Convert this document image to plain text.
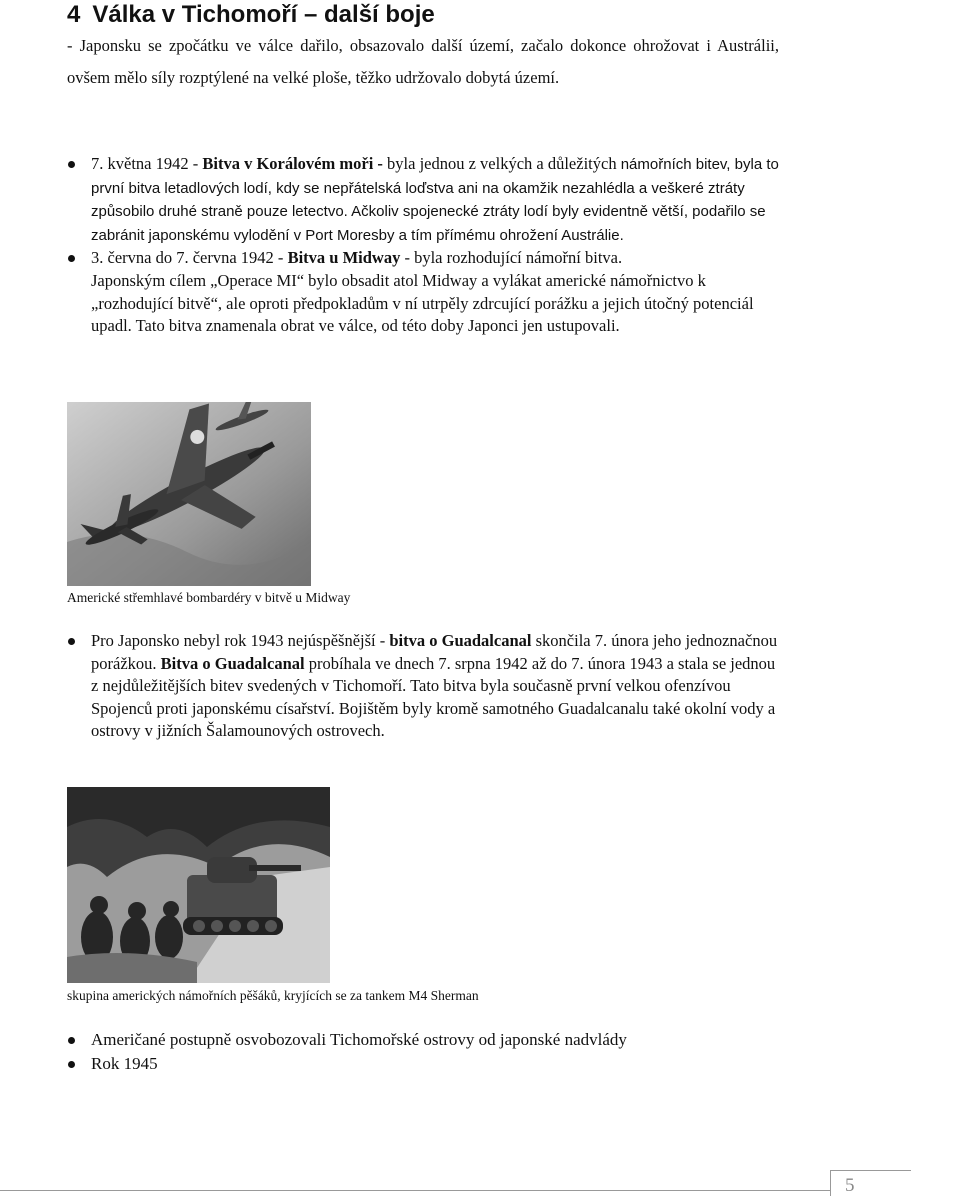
4 Válka v Tichomoří – další boje

- Japonsku se zpočátku ve válce dařilo, obsazovalo další území, začalo dokonce ohrožovat i Austrálii, ovšem mělo síly rozptýlené na velké ploše, těžko udržovalo dobytá území.

7. května 1942 - Bitva v Korálovém moři - byla jednou z velkých a důležitých námořních bitev, byla to první bitva letadlových lodí, kdy se nepřátelská loďstva ani na okamžik nezahlédla a veškeré ztráty způsobilo druhé straně pouze letectvo. Ačkoliv spojenecké ztráty lodí byly evidentně větší, podařilo se zabránit japonskému vylodění v Port Moresby a tím přímému ohrožení Austrálie.
3. června do 7. června 1942 - Bitva u Midway - byla rozhodující námořní bitva.

Japonským cílem „Operace MI“ bylo obsadit atol Midway a vylákat americké námořnictvo k „rozhodující bitvě“, ale oproti předpokladům v ní utrpěly zdrcující porážku a jejich útočný potenciál upadl. Tato bitva znamenala obrat ve válce, od této doby Japonci jen ustupovali.

Americké střemhlavé bombardéry v bitvě u Midway

Pro Japonsko nebyl rok 1943 nejúspěšnější - bitva o Guadalcanal skončila 7. února jeho jednoznačnou porážkou. Bitva o Guadalcanal probíhala ve dnech 7. srpna 1942 až do 7. února 1943 a stala se jednou z nejdůležitějších bitev svedených v Tichomoří. Tato bitva byla současně první velkou ofenzívou Spojenců proti japonskému císařství. Bojištěm byly kromě samotného Guadalcanalu také okolní vody a ostrovy v jižních Šalamounových ostrovech.

skupina amerických námořních pěšáků, kryjících se za tankem M4 Sherman

Američané postupně osvobozovali Tichomořské ostrovy od japonské nadvlády
Rok 1945
5
